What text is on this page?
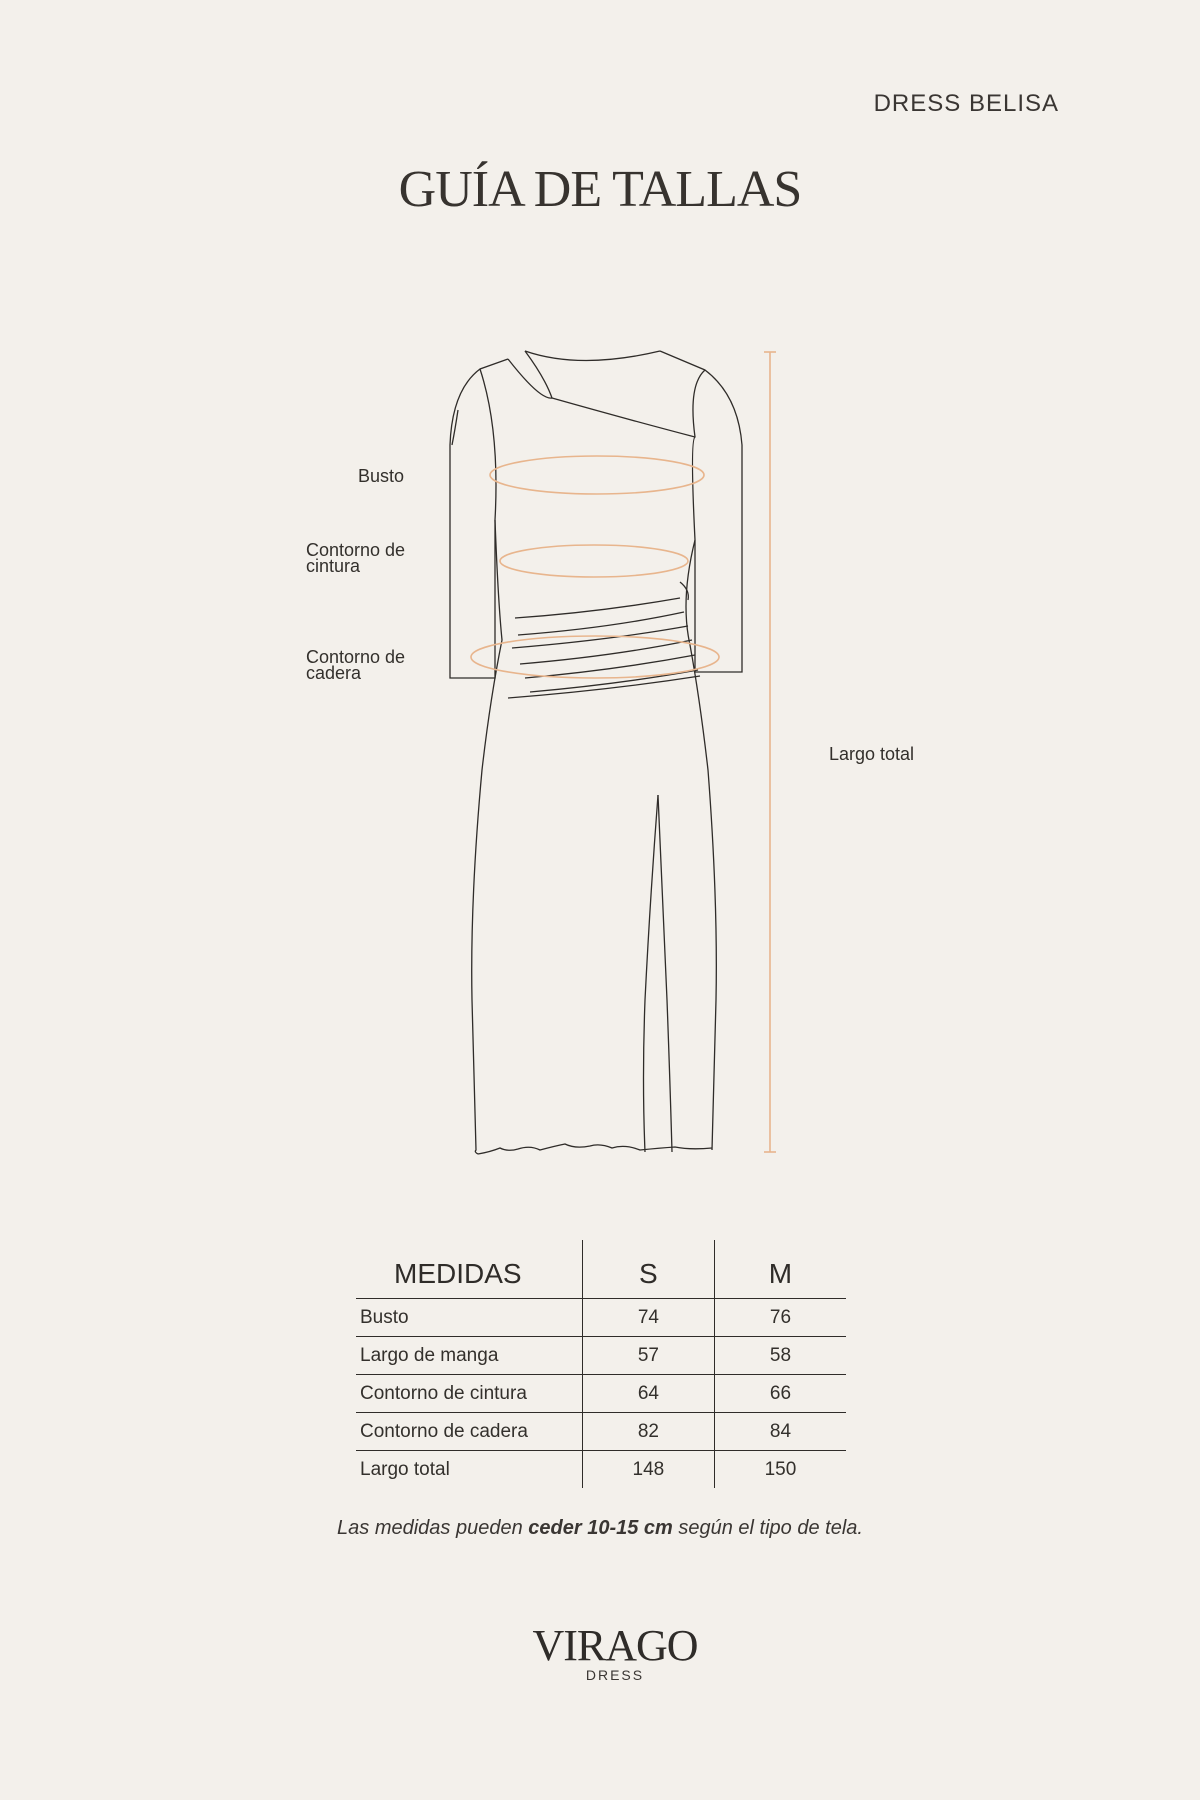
DRESS BELISA
GUÍA DE TALLAS
Busto
Contorno de
cintura
Contorno de
cadera
Largo total
MEDIDAS	S	M
Busto	74	76
Largo de manga	57	58
Contorno de cintura	64	66
Contorno de cadera	82	84
Largo total	148	150
Las medidas pueden ceder 10-15 cm según el tipo de tela.
VIRAGO
DRESS
